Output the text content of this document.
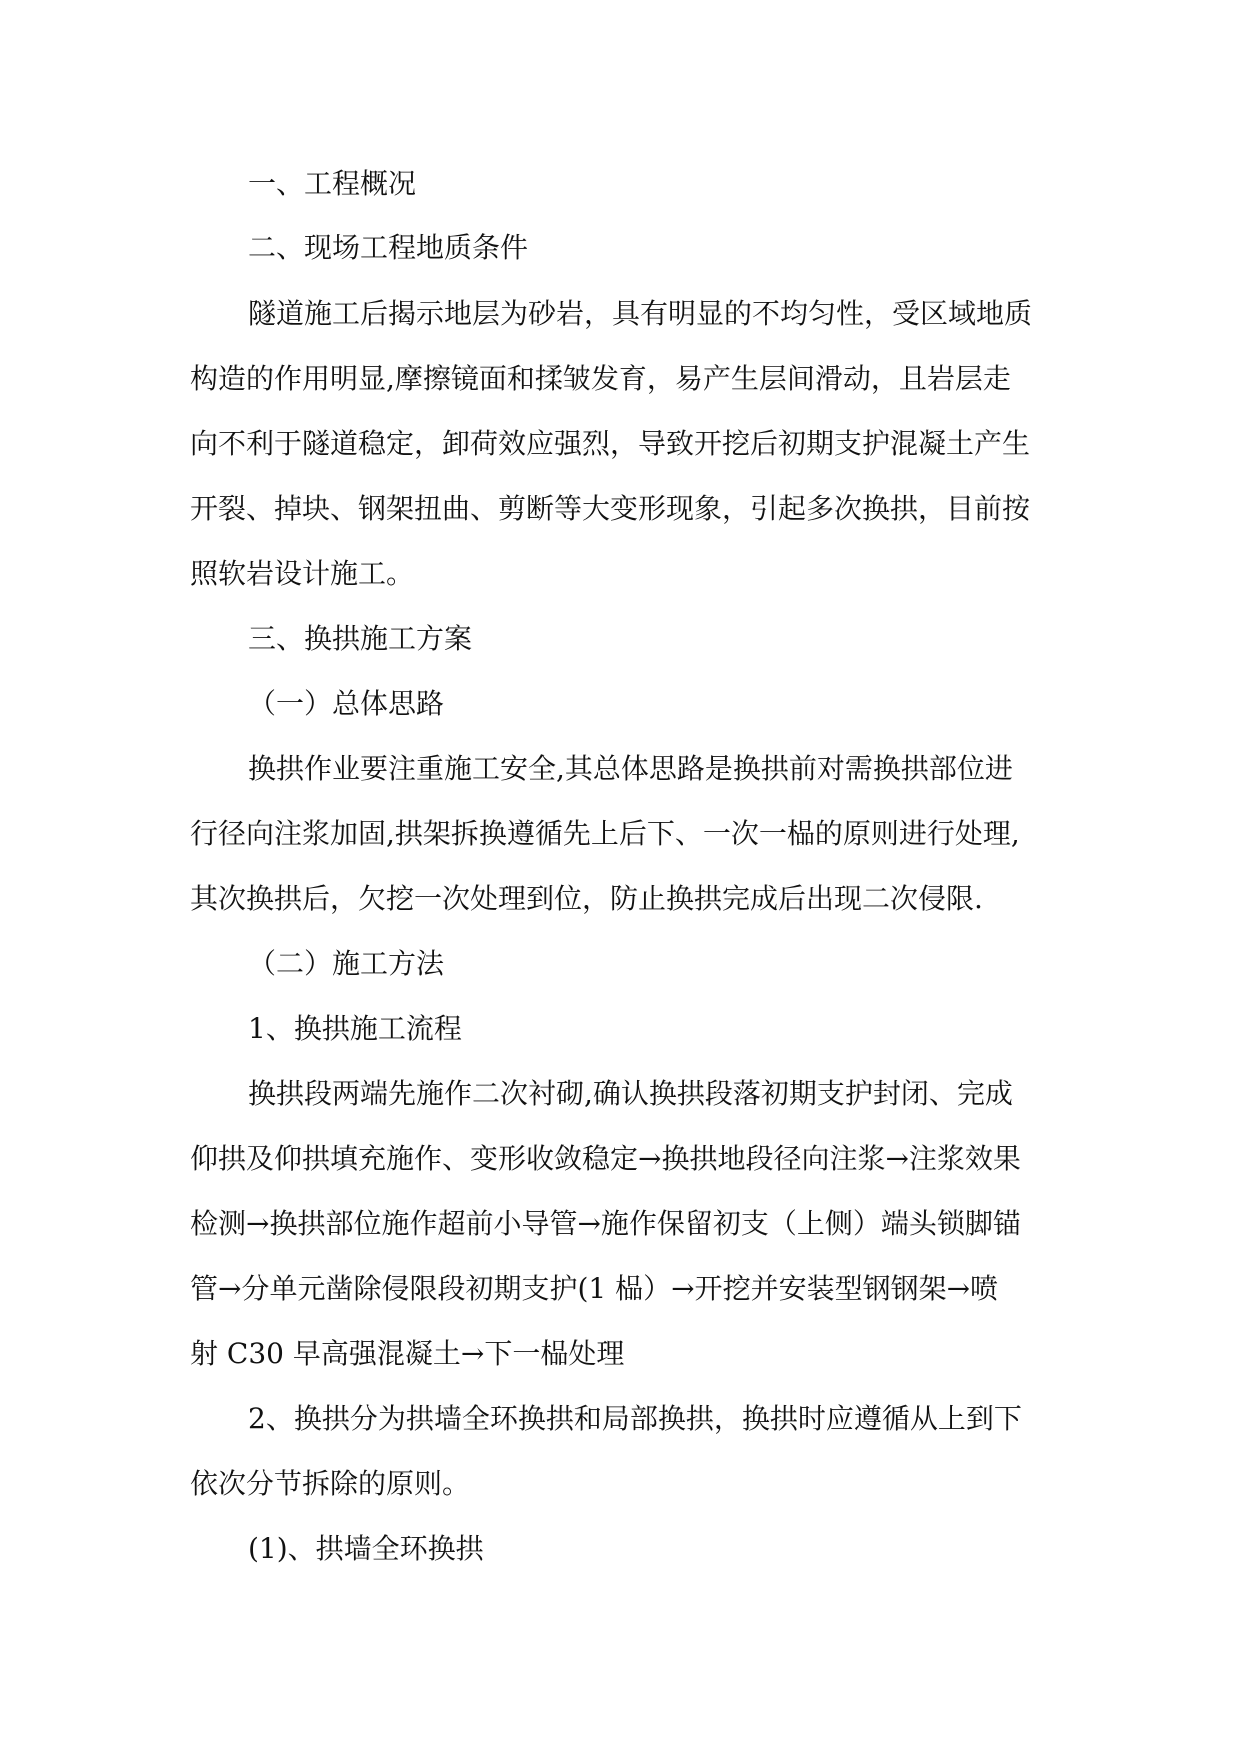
一、工程概况
二、现场工程地质条件
隧道施工后揭示地层为砂岩，具有明显的不均匀性，受区域地质
构造的作用明显,摩擦镜面和揉皱发育，易产生层间滑动，且岩层走
向不利于隧道稳定，卸荷效应强烈，导致开挖后初期支护混凝土产生
开裂、掉块、钢架扭曲、剪断等大变形现象，引起多次换拱，目前按
照软岩设计施工。
三、换拱施工方案
（一）总体思路
换拱作业要注重施工安全,其总体思路是换拱前对需换拱部位进
行径向注浆加固,拱架拆换遵循先上后下、一次一榀的原则进行处理,
其次换拱后，欠挖一次处理到位，防止换拱完成后出现二次侵限.
（二）施工方法
1、换拱施工流程
换拱段两端先施作二次衬砌,确认换拱段落初期支护封闭、完成
仰拱及仰拱填充施作、变形收敛稳定→换拱地段径向注浆→注浆效果
检测→换拱部位施作超前小导管→施作保留初支（上侧）端头锁脚锚
管→分单元凿除侵限段初期支护(1 榀）→开挖并安装型钢钢架→喷
射 C30 早高强混凝土→下一榀处理
2、换拱分为拱墙全环换拱和局部换拱，换拱时应遵循从上到下
依次分节拆除的原则。
(1)、拱墙全环换拱
